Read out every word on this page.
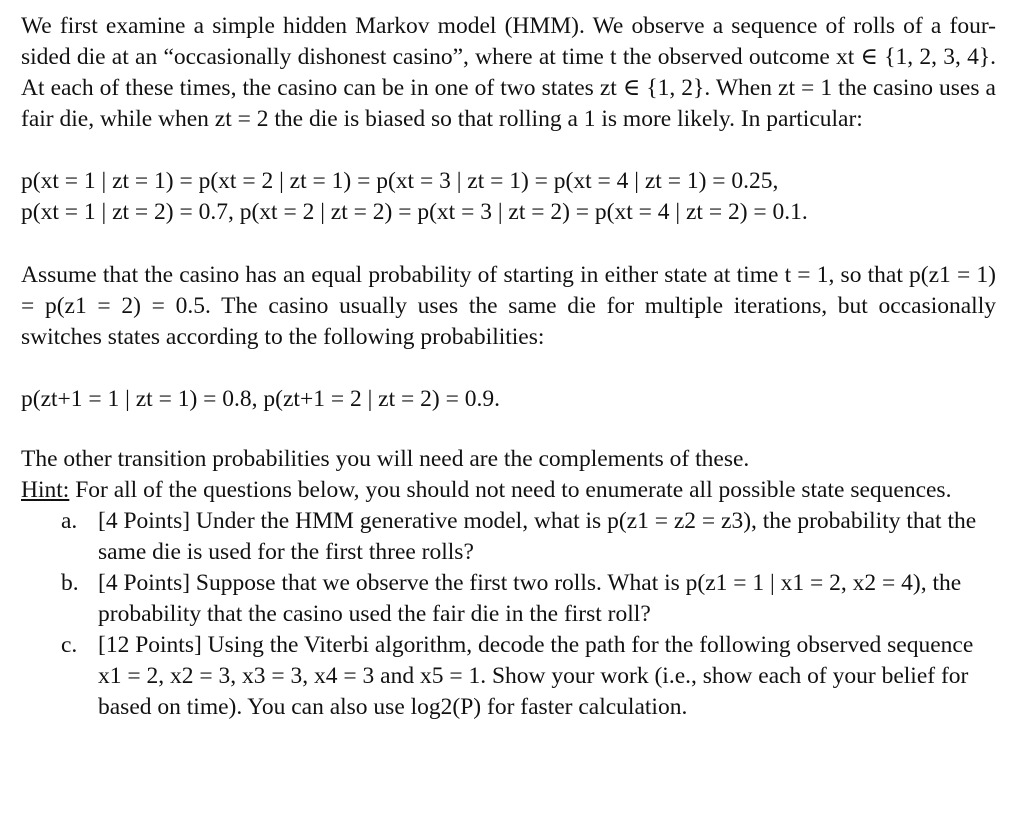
We first examine a simple hidden Markov model (HMM). We observe a sequence of rolls of a four-sided die at an “occasionally dishonest casino”, where at time t the observed outcome xt ∈ {1, 2, 3, 4}. At each of these times, the casino can be in one of two states zt ∈ {1, 2}. When zt = 1 the casino uses a fair die, while when zt = 2 the die is biased so that rolling a 1 is more likely. In particular:

p(xt = 1 | zt = 1) = p(xt = 2 | zt = 1) = p(xt = 3 | zt = 1) = p(xt = 4 | zt = 1) = 0.25,
p(xt = 1 | zt = 2) = 0.7, p(xt = 2 | zt = 2) = p(xt = 3 | zt = 2) = p(xt = 4 | zt = 2) = 0.1.

Assume that the casino has an equal probability of starting in either state at time t = 1, so that p(z1 = 1) = p(z1 = 2) = 0.5. The casino usually uses the same die for multiple iterations, but occasionally switches states according to the following probabilities:

p(zt+1 = 1 | zt = 1) = 0.8, p(zt+1 = 2 | zt = 2) = 0.9.

The other transition probabilities you will need are the complements of these.

Hint: For all of the questions below, you should not need to enumerate all possible state sequences.

a. [4 Points] Under the HMM generative model, what is p(z1 = z2 = z3), the probability that the same die is used for the first three rolls?
b. [4 Points] Suppose that we observe the first two rolls. What is p(z1 = 1 | x1 = 2, x2 = 4), the probability that the casino used the fair die in the first roll?
c. [12 Points] Using the Viterbi algorithm, decode the path for the following observed sequence x1 = 2, x2 = 3, x3 = 3, x4 = 3 and x5 = 1. Show your work (i.e., show each of your belief for based on time). You can also use log2(P) for faster calculation.
